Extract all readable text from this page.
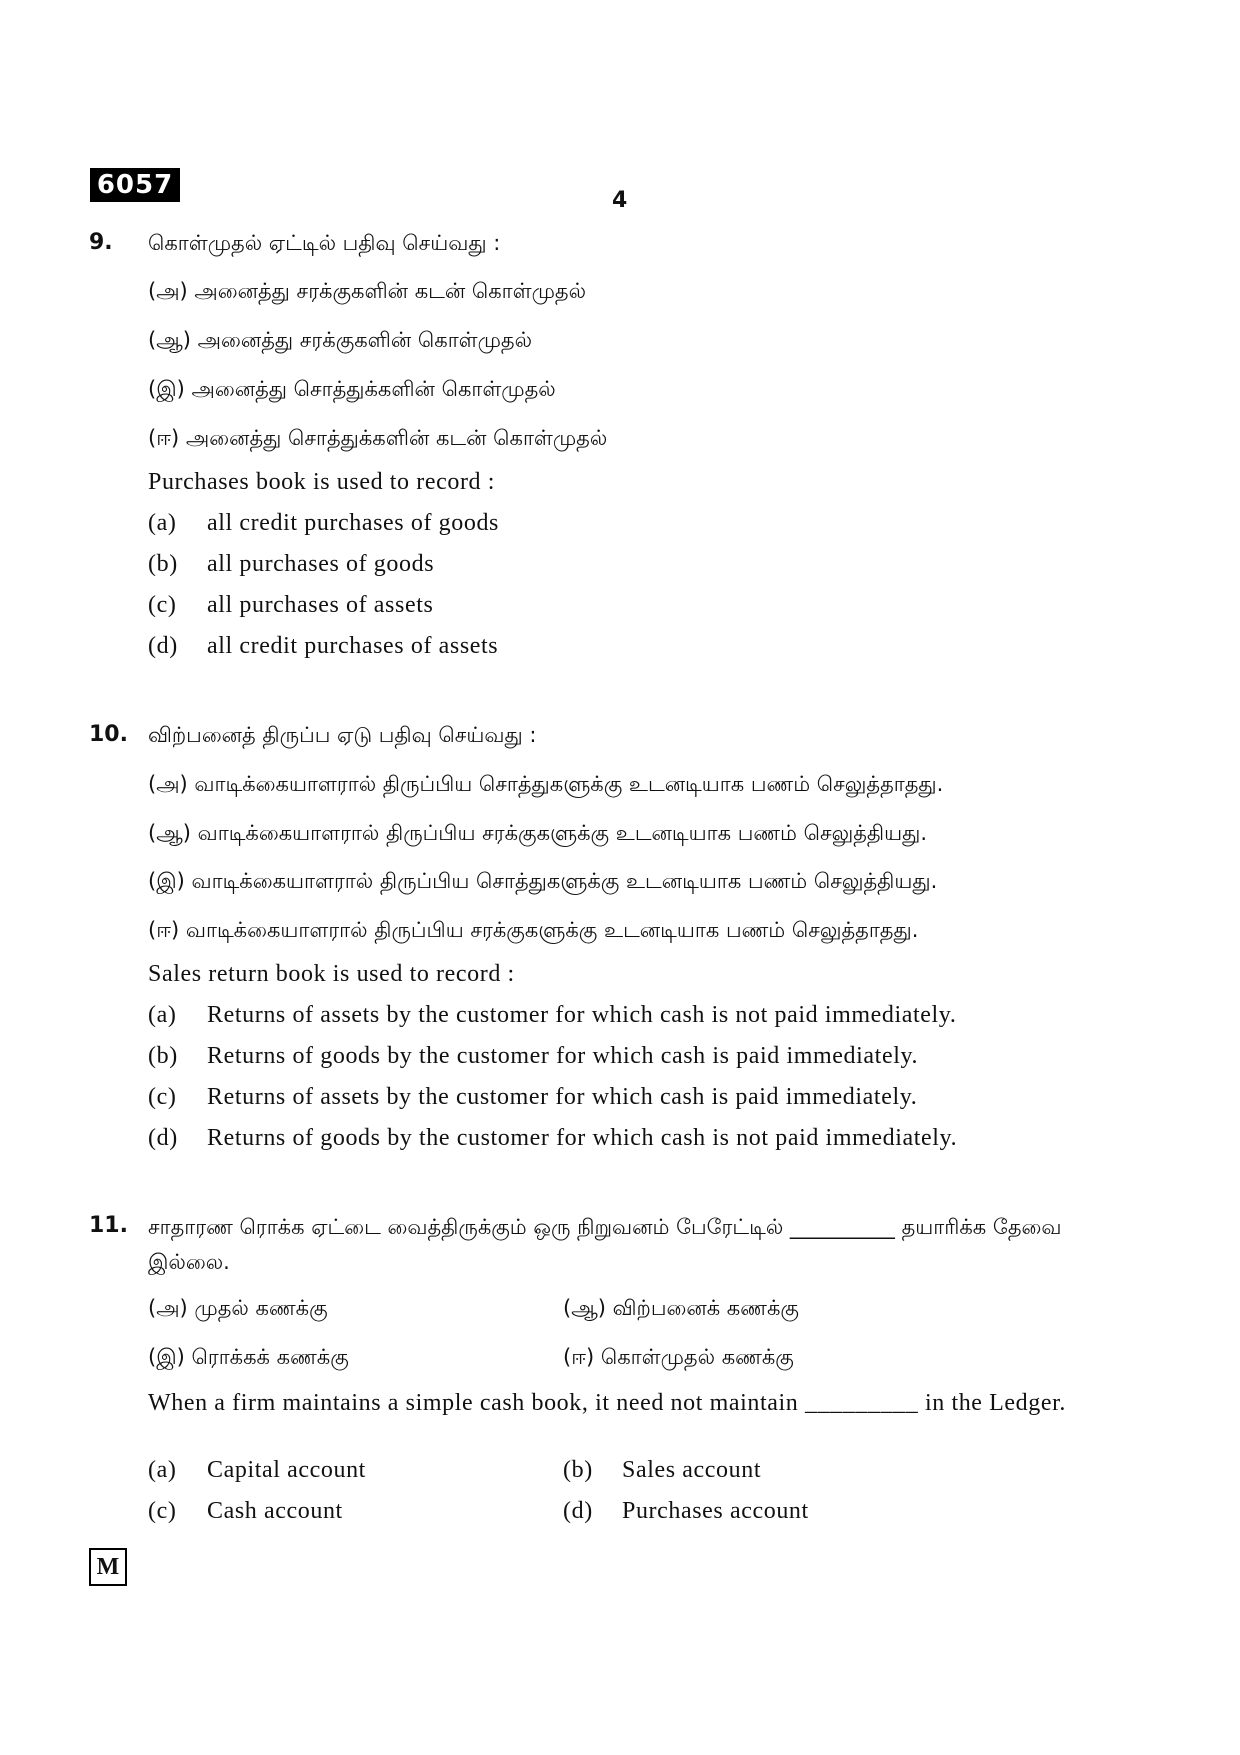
6057
4
9. கொள்முதல் ஏட்டில் பதிவு செய்வது :
(அ) அனைத்து சரக்குகளின் கடன் கொள்முதல்
(ஆ) அனைத்து சரக்குகளின் கொள்முதல்
(இ) அனைத்து சொத்துக்களின் கொள்முதல்
(ஈ) அனைத்து சொத்துக்களின் கடன் கொள்முதல்
Purchases book is used to record :
(a) all credit purchases of goods
(b) all purchases of goods
(c) all purchases of assets
(d) all credit purchases of assets
10. விற்பனைத் திருப்ப ஏடு பதிவு செய்வது :
(அ) வாடிக்கையாளரால் திருப்பிய சொத்துகளுக்கு உடனடியாக பணம் செலுத்தாதது.
(ஆ) வாடிக்கையாளரால் திருப்பிய சரக்குகளுக்கு உடனடியாக பணம் செலுத்தியது.
(இ) வாடிக்கையாளரால் திருப்பிய சொத்துகளுக்கு உடனடியாக பணம் செலுத்தியது.
(ஈ) வாடிக்கையாளரால் திருப்பிய சரக்குகளுக்கு உடனடியாக பணம் செலுத்தாதது.
Sales return book is used to record :
(a) Returns of assets by the customer for which cash is not paid immediately.
(b) Returns of goods by the customer for which cash is paid immediately.
(c) Returns of assets by the customer for which cash is paid immediately.
(d) Returns of goods by the customer for which cash is not paid immediately.
11. சாதாரண ரொக்க ஏட்டை வைத்திருக்கும் ஒரு நிறுவனம் பேரேட்டில் __________ தயாரிக்க தேவை இல்லை.
(அ) முதல் கணக்கு	(ஆ) விற்பனைக் கணக்கு
(இ) ரொக்கக் கணக்கு	(ஈ) கொள்முதல் கணக்கு
When a firm maintains a simple cash book, it need not maintain _________ in the Ledger.
(a) Capital account	(b) Sales account
(c) Cash account	(d) Purchases account
M
